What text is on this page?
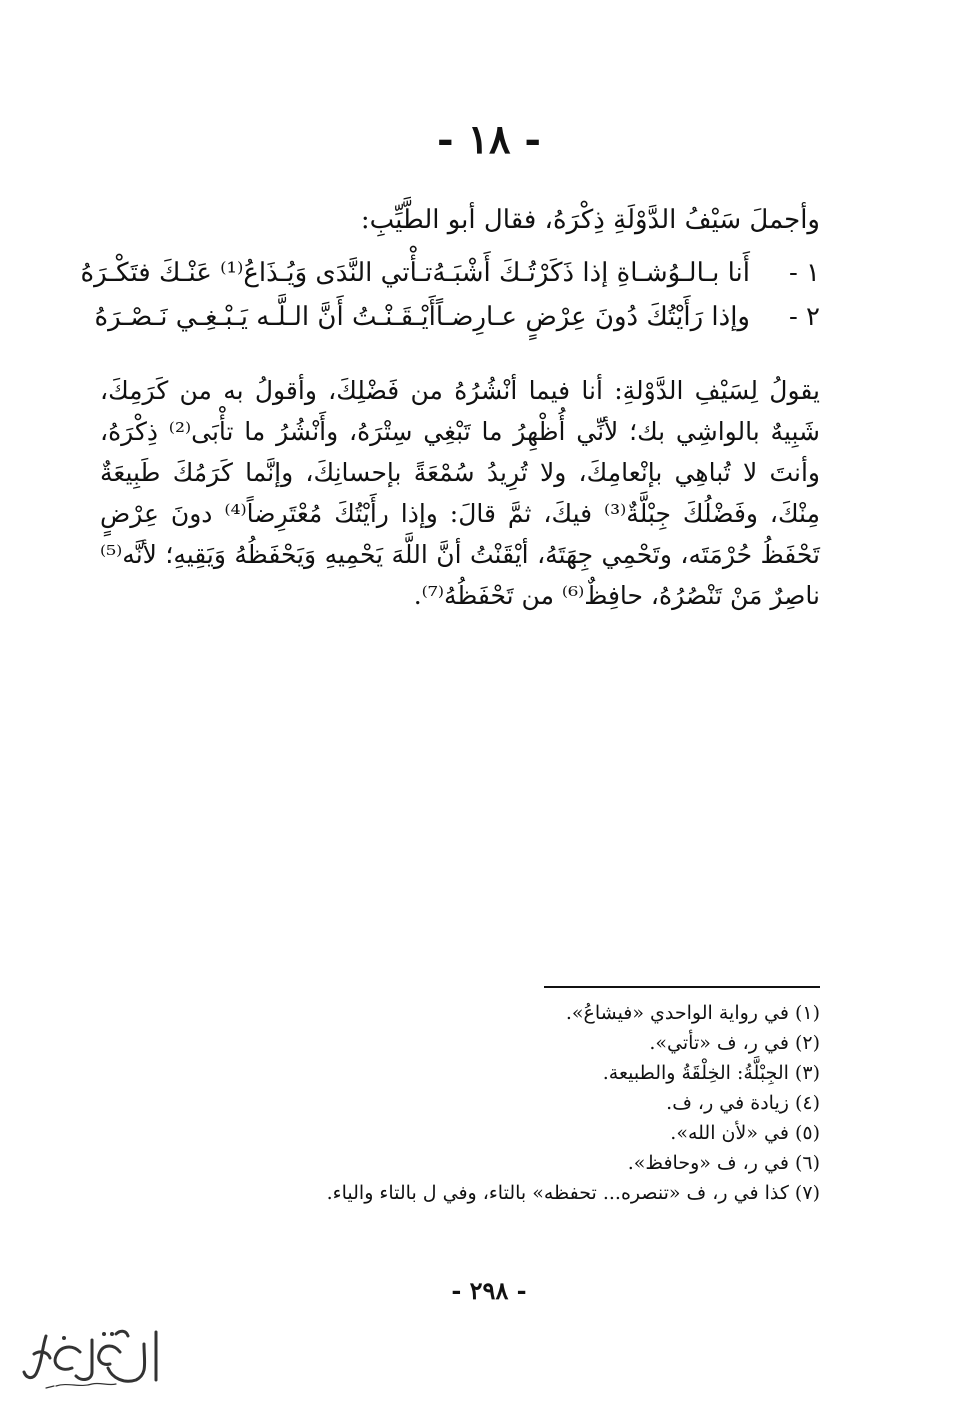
- ١٨ -
وأجملَ سَيْفُ الدَّوْلَةِ ذِكْرَهُ، فقال أبو الطَّيِّبِ:
١ -
أَنا بـالـوُشـاةِ إذا ذَكَرْتُـكَ أَشْبَـهُ
تـأْتي النَّدَى وَيُـذَاعُ⁽¹⁾ عَنْـكَ فتَكْـرَهُ
٢ -
وإذا رَأَيْتُكَ دُونَ عِرْضٍ عـارِضـاً
أَيْـقَـنْـتُ أَنَّ الـلَّـه يَـبْـغِـي نَـصْـرَهُ
يقولُ لِسَيْفِ الدَّوْلةِ: أنا فيما أنْشُرُهُ من فَضْلِكَ، وأقولُ به من كَرَمِكَ، شَبِيهٌ بالواشِي بك؛ لأنِّي أُظْهِرُ ما تَبْغِي سِتْرَهُ، وأَنْشُرُ ما تأْبَى⁽²⁾ ذِكْرَهُ، وأنتَ لا تُباهِي بإنْعامِكَ، ولا تُرِيدُ سُمْعَةً بإحسانِكَ، وإنَّما كَرَمُكَ طَبِيعَةٌ مِنْكَ، وفَضْلُكَ جِبْلَّةٌ⁽³⁾ فيكَ، ثمَّ قالَ: وإذا رأَيْتُكَ مُعْتَرِضاً⁽⁴⁾ دونَ عِرْضٍ تَحْفَظُ حُرْمَتَه، وتَحْمِي جِهَتَهُ، أيْقَنْتُ أنَّ اللَّهَ يَحْمِيهِ وَيَحْفَظُهُ وَيَقِيهِ؛ لأنَّه⁽⁵⁾ ناصِرٌ مَنْ تَنْصُرُهُ، حافِظٌ⁽⁶⁾ من تَحْفَظُهُ⁽⁷⁾.
(١) في رواية الواحدي «فيشاعُ».
(٢) في ر، ف «تأتي».
(٣) الجِبْلَّةُ: الخِلْقَةُ والطبيعة.
(٤) زيادة في ر، ف.
(٥) في «لأن الله».
(٦) في ر، ف «وحافظ».
(٧) كذا في ر، ف «تنصره... تحفظه» بالتاء، وفي ل بالتاء والياء.
- ٢٩٨ -
